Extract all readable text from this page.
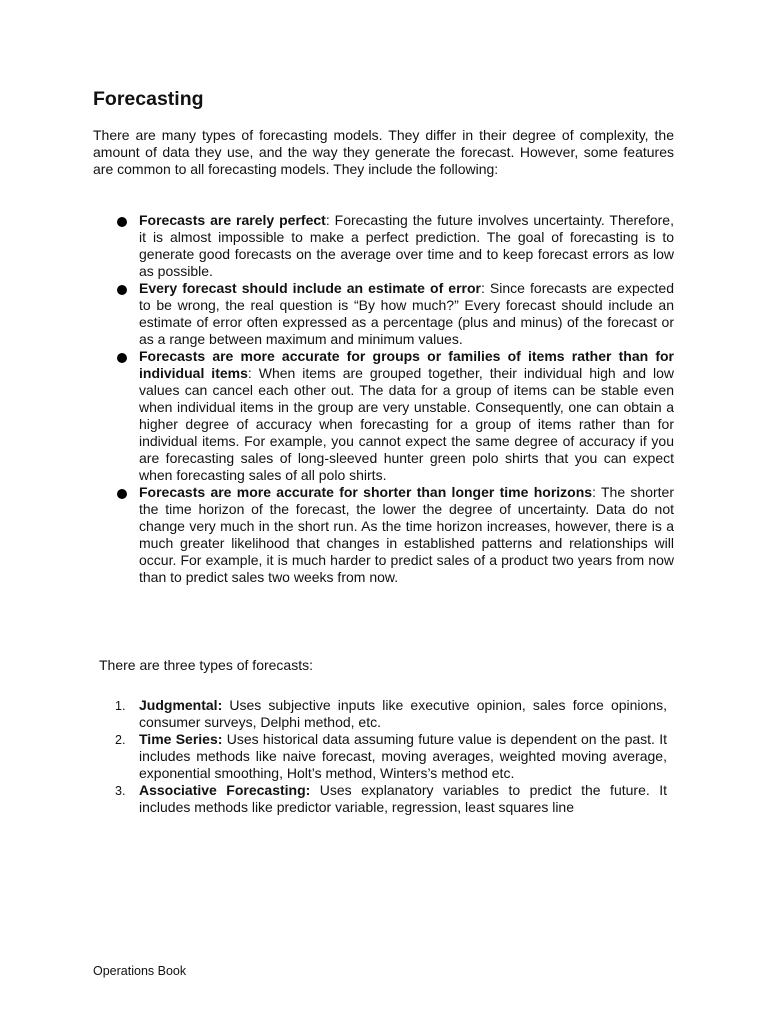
Forecasting

There are many types of forecasting models. They differ in their degree of complexity, the amount of data they use, and the way they generate the forecast. However, some features are common to all forecasting models. They include the following:

Forecasts are rarely perfect: Forecasting the future involves uncertainty. Therefore, it is almost impossible to make a perfect prediction. The goal of forecasting is to generate good forecasts on the average over time and to keep forecast errors as low as possible.
Every forecast should include an estimate of error: Since forecasts are expected to be wrong, the real question is “By how much?” Every forecast should include an estimate of error often expressed as a percentage (plus and minus) of the forecast or as a range between maximum and minimum values.
Forecasts are more accurate for groups or families of items rather than for individual items: When items are grouped together, their individual high and low values can cancel each other out. The data for a group of items can be stable even when individual items in the group are very unstable. Consequently, one can obtain a higher degree of accuracy when forecasting for a group of items rather than for individual items. For example, you cannot expect the same degree of accuracy if you are forecasting sales of long-sleeved hunter green polo shirts that you can expect when forecasting sales of all polo shirts.
Forecasts are more accurate for shorter than longer time horizons: The shorter the time horizon of the forecast, the lower the degree of uncertainty. Data do not change very much in the short run. As the time horizon increases, however, there is a much greater likelihood that changes in established patterns and relationships will occur. For example, it is much harder to predict sales of a product two years from now than to predict sales two weeks from now.

There are three types of forecasts:

1. Judgmental: Uses subjective inputs like executive opinion, sales force opinions, consumer surveys, Delphi method, etc.
2. Time Series: Uses historical data assuming future value is dependent on the past. It includes methods like naive forecast, moving averages, weighted moving average, exponential smoothing, Holt’s method, Winters’s method etc.
3. Associative Forecasting: Uses explanatory variables to predict the future. It includes methods like predictor variable, regression, least squares line

Operations Book
